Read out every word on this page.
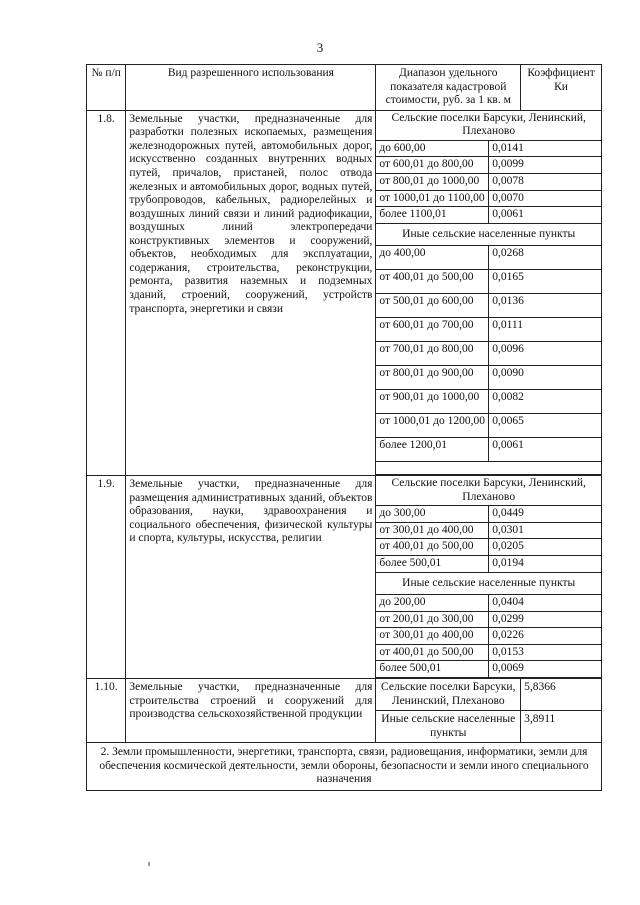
3
№ п/п	Вид разрешенного использования	Диапазон удельного показателя кадастровой стоимости, руб. за 1 кв. м	Коэффициент Ки
1.8.	Земельные участки, предназначенные для разработки полезных ископаемых, размещения железнодорожных путей, автомобильных дорог, искусственно созданных внутренних водных путей, причалов, пристаней, полос отвода железных и автомобильных дорог, водных путей, трубопроводов, кабельных, радиорелейных и воздушных линий связи и линий радиофикации, воздушных линий электропередачи конструктивных элементов и сооружений, объектов, необходимых для эксплуатации, содержания, строительства, реконструкции, ремонта, развития наземных и подземных зданий, строений, сооружений, устройств транспорта, энергетики и связи	
Сельские поселки Барсуки, Ленинский, Плехановo
до 600,00	0,0141
от 600,01 до 800,00	0,0099
от 800,01 до 1000,00	0,0078
от 1000,01 до 1100,00	0,0070
более 1100,01	0,0061
Иные сельские населенные пункты
до 400,00	0,0268
от 400,01 до 500,00	0,0165
от 500,01 до 600,00	0,0136
от 600,01 до 700,00	0,0111
от 700,01 до 800,00	0,0096
от 800,01 до 900,00	0,0090
от 900,01 до 1000,00	0,0082
от 1000,01 до 1200,00	0,0065
более 1200,01	0,0061

1.9.	Земельные участки, предназначенные для размещения административных зданий, объектов образования, науки, здравоохранения и социального обеспечения, физической культуры и спорта, культуры, искусства, религии	
Сельские поселки Барсуки, Ленинский, Плехановo
до 300,00	0,0449
от 300,01 до 400,00	0,0301
от 400,01 до 500,00	0,0205
более 500,01	0,0194
Иные сельские населенные пункты
до 200,00	0,0404
от 200,01 до 300,00	0,0299
от 300,01 до 400,00	0,0226
от 400,01 до 500,00	0,0153
более 500,01	0,0069

1.10.	Земельные участки, предназначенные для строительства строений и сооружений для производства сельскохозяйственной продукции	Сельские поселки Барсуки, Ленинский, Плехановo	5,8366
Иные сельские населенные пункты	3,8911
2. Земли промышленности, энергетики, транспорта, связи, радиовещания, информатики, земли для обеспечения космической деятельности, земли обороны, безопасности и земли иного специального назначения
